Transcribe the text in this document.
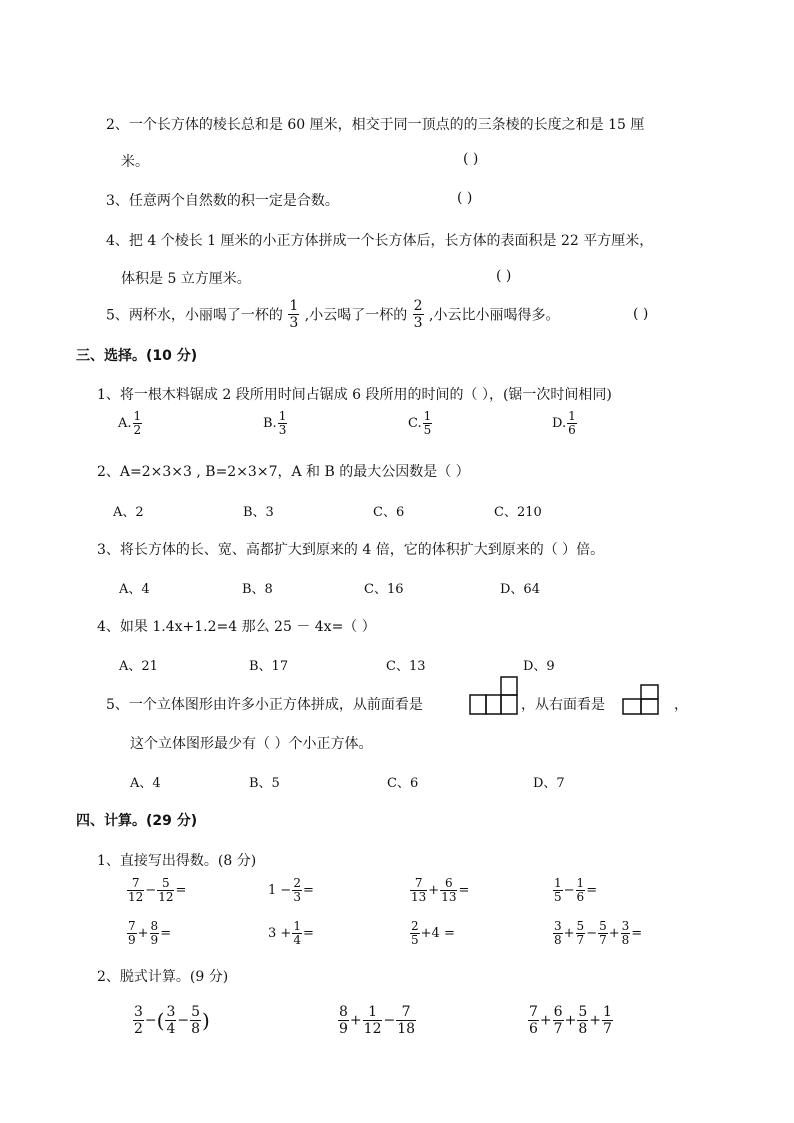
2、一个长方体的棱长总和是 60 厘米，相交于同一顶点的的三条棱的长度之和是 15 厘
米。	( )
3、任意两个自然数的积一定是合数。	( )
4、把 4 个棱长 1 厘米的小正方体拼成一个长方体后，长方体的表面积是 22 平方厘米，
体积是 5 立方厘米。	( )
5、两杯水，小丽喝了一杯的 $\frac{1}{3}$ ,小云喝了一杯的 $\frac{2}{3}$ ,小云比小丽喝得多。	( )
三、选择。(10 分)
1、将一根木料锯成 2 段所用时间占锯成 6 段所用的时间的（ ），(锯一次时间相同)
A. $\frac{1}{2}$	B. $\frac{1}{3}$	C. $\frac{1}{5}$	D. $\frac{1}{6}$
2、A=2×3×3 , B=2×3×7，A 和 B 的最大公因数是（ ）
A、2	B、3	C、6	C、210
3、将长方体的长、宽、高都扩大到原来的 4 倍，它的体积扩大到原来的（ ）倍。
A、4	B、8	C、16	D、64
4、如果 1.4x+1.2=4 那么 25 － 4x=（ ）
A、21	B、17	C、13	D、9
5、一个立体图形由许多小正方体拼成，从前面看是	，从右面看是	，
这个立体图形最少有（ ）个小正方体。
A、4	B、5	C、6	D、7
四、计算。(29 分)
1、直接写出得数。(8 分)
$\frac{7}{12} - \frac{5}{12}$ =	$1 - \frac{2}{3}$ =	$\frac{7}{13} + \frac{6}{13}$ =	$\frac{1}{5} - \frac{1}{6}$ =
$\frac{7}{9} + \frac{8}{9}$ =	$3 + \frac{1}{4}$ =	$\frac{2}{5} +4$ =	$\frac{3}{8} + \frac{5}{7} - \frac{5}{7} + \frac{3}{8}$ =
2、脱式计算。(9 分)
$\frac{3}{2}$ −( $\frac{3}{4} - \frac{5}{8}$ )	$\frac{8}{9} + \frac{1}{12} - \frac{7}{18}$	$\frac{7}{6} + \frac{6}{7} + \frac{5}{8} + \frac{1}{7}$
